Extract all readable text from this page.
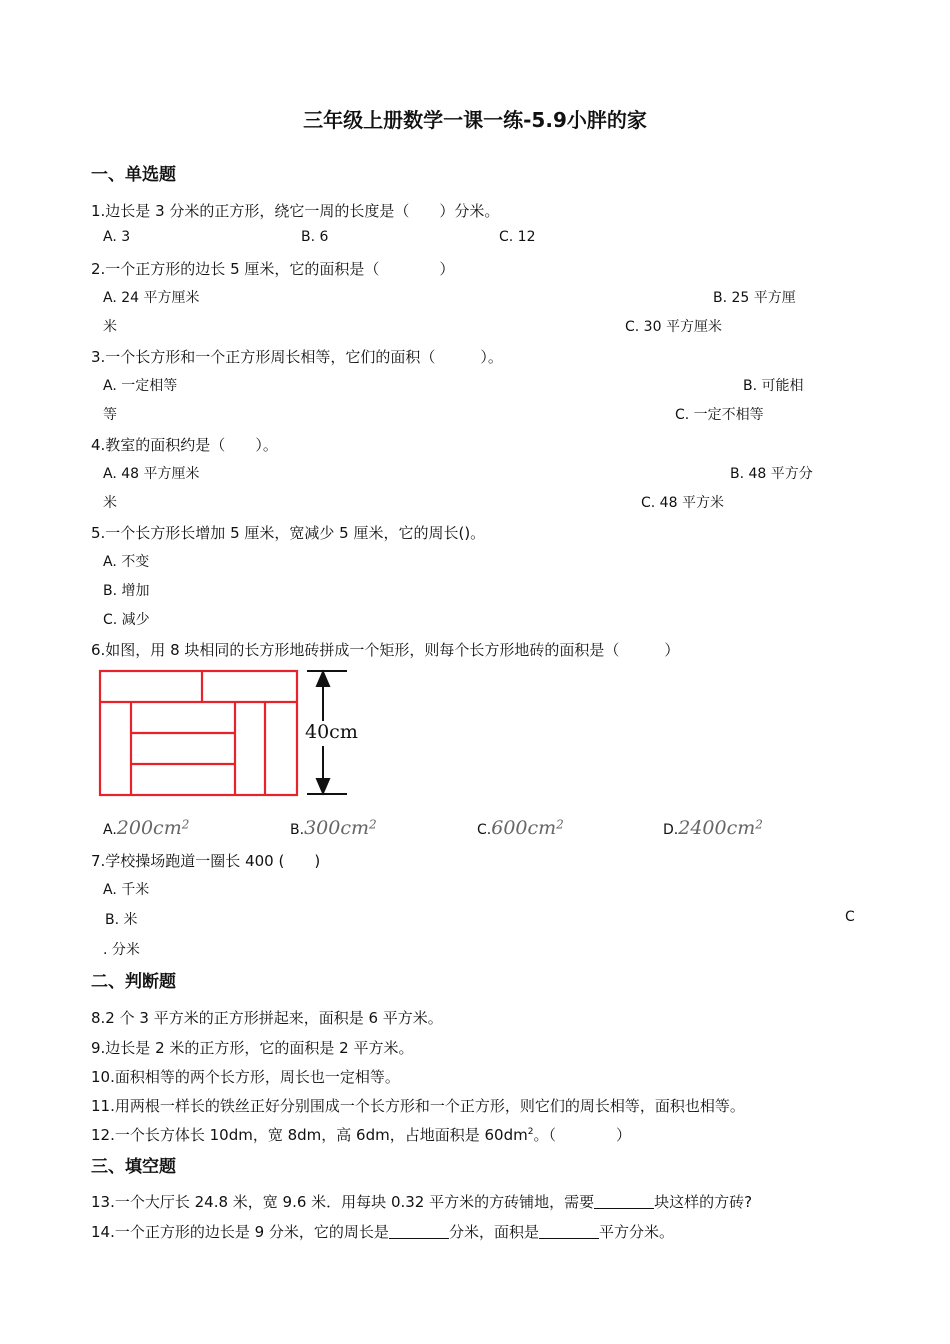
三年级上册数学一课一练-5.9小胖的家
一、单选题
1.边长是 3 分米的正方形，绕它一周的长度是（　　）分米。
A. 3	B. 6	C. 12
2.一个正方形的边长 5 厘米，它的面积是（　　　　）
A. 24 平方厘米	B. 25 平方厘
米	C. 30 平方厘米
3.一个长方形和一个正方形周长相等，它们的面积（　　　）。
A. 一定相等	B. 可能相
等	C. 一定不相等
4.教室的面积约是（　　）。
A. 48 平方厘米	B. 48 平方分
米	C. 48 平方米
5.一个长方形长增加 5 厘米，宽减少 5 厘米，它的周长()。
A. 不变
B. 增加
C. 减少
6.如图，用 8 块相同的长方形地砖拼成一个矩形，则每个长方形地砖的面积是（　　　）
40cm
$A.200cm^2$	$B.300cm^2$	$C.600cm^2$	$D.2400cm^2$
7.学校操场跑道一圈长 400 (　　)
A. 千米
B. 米	C
. 分米
二、判断题
8.2 个 3 平方米的正方形拼起来，面积是 6 平方米。
9.边长是 2 米的正方形，它的面积是 2 平方米。
10.面积相等的两个长方形，周长也一定相等。
11.用两根一样长的铁丝正好分别围成一个长方形和一个正方形，则它们的周长相等，面积也相等。
12.一个长方体长 10dm，宽 8dm，高 6dm，占地面积是 $60dm^2$。（　　　　）
三、填空题
13.一个大厅长 24.8 米，宽 9.6 米．用每块 0.32 平方米的方砖铺地，需要	块这样的方砖?
14.一个正方形的边长是 9 分米，它的周长是	分米，面积是	平方分米。
